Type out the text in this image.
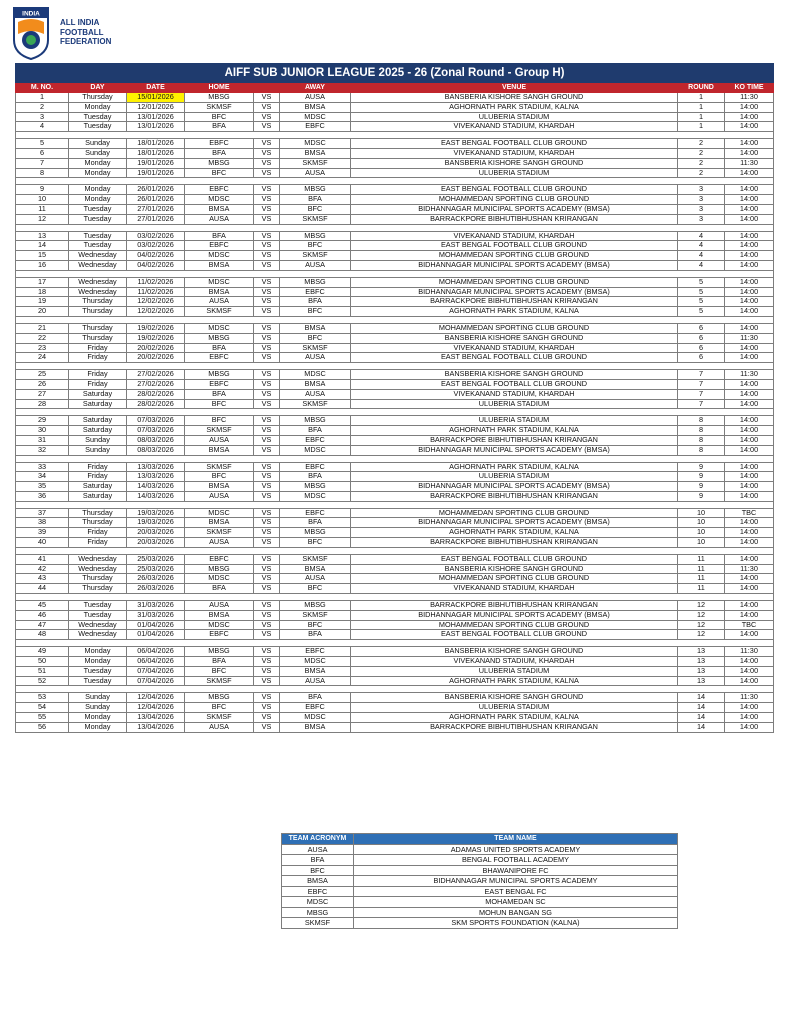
INDIA
ALL INDIA
FOOTBALL
FEDERATION
AIFF SUB JUNIOR LEAGUE 2025 - 26 (Zonal Round - Group H)								
M. NO.	DAY	DATE	HOME		AWAY	VENUE	ROUND	KO TIME
1	Thursday	15/01/2026	MBSG	VS	AUSA	BANSBERIA KISHORE SANGH GROUND	1	11:30
2	Monday	12/01/2026	SKMSF	VS	BMSA	AGHORNATH PARK STADIUM, KALNA	1	14:00
3	Tuesday	13/01/2026	BFC	VS	MDSC	ULUBERIA STADIUM	1	14:00
4	Tuesday	13/01/2026	BFA	VS	EBFC	VIVEKANAND STADIUM, KHARDAH	1	14:00

5	Sunday	18/01/2026	EBFC	VS	MDSC	EAST BENGAL FOOTBALL CLUB GROUND	2	14:00
6	Sunday	18/01/2026	BFA	VS	BMSA	VIVEKANAND STADIUM, KHARDAH	2	14:00
7	Monday	19/01/2026	MBSG	VS	SKMSF	BANSBERIA KISHORE SANGH GROUND	2	11:30
8	Monday	19/01/2026	BFC	VS	AUSA	ULUBERIA STADIUM	2	14:00

9	Monday	26/01/2026	EBFC	VS	MBSG	EAST BENGAL FOOTBALL CLUB GROUND	3	14:00
10	Monday	26/01/2026	MDSC	VS	BFA	MOHAMMEDAN SPORTING CLUB GROUND	3	14:00
11	Tuesday	27/01/2026	BMSA	VS	BFC	BIDHANNAGAR MUNICIPAL SPORTS ACADEMY (BMSA)	3	14:00
12	Tuesday	27/01/2026	AUSA	VS	SKMSF	BARRACKPORE BIBHUTIBHUSHAN KRIRANGAN	3	14:00

13	Tuesday	03/02/2026	BFA	VS	MBSG	VIVEKANAND STADIUM, KHARDAH	4	14:00
14	Tuesday	03/02/2026	EBFC	VS	BFC	EAST BENGAL FOOTBALL CLUB GROUND	4	14:00
15	Wednesday	04/02/2026	MDSC	VS	SKMSF	MOHAMMEDAN SPORTING CLUB GROUND	4	14:00
16	Wednesday	04/02/2026	BMSA	VS	AUSA	BIDHANNAGAR MUNICIPAL SPORTS ACADEMY (BMSA)	4	14:00

17	Wednesday	11/02/2026	MDSC	VS	MBSG	MOHAMMEDAN SPORTING CLUB GROUND	5	14:00
18	Wednesday	11/02/2026	BMSA	VS	EBFC	BIDHANNAGAR MUNICIPAL SPORTS ACADEMY (BMSA)	5	14:00
19	Thursday	12/02/2026	AUSA	VS	BFA	BARRACKPORE BIBHUTIBHUSHAN KRIRANGAN	5	14:00
20	Thursday	12/02/2026	SKMSF	VS	BFC	AGHORNATH PARK STADIUM, KALNA	5	14:00

21	Thursday	19/02/2026	MDSC	VS	BMSA	MOHAMMEDAN SPORTING CLUB GROUND	6	14:00
22	Thursday	19/02/2026	MBSG	VS	BFC	BANSBERIA KISHORE SANGH GROUND	6	11:30
23	Friday	20/02/2026	BFA	VS	SKMSF	VIVEKANAND STADIUM, KHARDAH	6	14:00
24	Friday	20/02/2026	EBFC	VS	AUSA	EAST BENGAL FOOTBALL CLUB GROUND	6	14:00

25	Friday	27/02/2026	MBSG	VS	MDSC	BANSBERIA KISHORE SANGH GROUND	7	11:30
26	Friday	27/02/2026	EBFC	VS	BMSA	EAST BENGAL FOOTBALL CLUB GROUND	7	14:00
27	Saturday	28/02/2026	BFA	VS	AUSA	VIVEKANAND STADIUM, KHARDAH	7	14:00
28	Saturday	28/02/2026	BFC	VS	SKMSF	ULUBERIA STADIUM	7	14:00

29	Saturday	07/03/2026	BFC	VS	MBSG	ULUBERIA STADIUM	8	14:00
30	Saturday	07/03/2026	SKMSF	VS	BFA	AGHORNATH PARK STADIUM, KALNA	8	14:00
31	Sunday	08/03/2026	AUSA	VS	EBFC	BARRACKPORE BIBHUTIBHUSHAN KRIRANGAN	8	14:00
32	Sunday	08/03/2026	BMSA	VS	MDSC	BIDHANNAGAR MUNICIPAL SPORTS ACADEMY (BMSA)	8	14:00

33	Friday	13/03/2026	SKMSF	VS	EBFC	AGHORNATH PARK STADIUM, KALNA	9	14:00
34	Friday	13/03/2026	BFC	VS	BFA	ULUBERIA STADIUM	9	14:00
35	Saturday	14/03/2026	BMSA	VS	MBSG	BIDHANNAGAR MUNICIPAL SPORTS ACADEMY (BMSA)	9	14:00
36	Saturday	14/03/2026	AUSA	VS	MDSC	BARRACKPORE BIBHUTIBHUSHAN KRIRANGAN	9	14:00

37	Thursday	19/03/2026	MDSC	VS	EBFC	MOHAMMEDAN SPORTING CLUB GROUND	10	TBC
38	Thursday	19/03/2026	BMSA	VS	BFA	BIDHANNAGAR MUNICIPAL SPORTS ACADEMY (BMSA)	10	14:00
39	Friday	20/03/2026	SKMSF	VS	MBSG	AGHORNATH PARK STADIUM, KALNA	10	14:00
40	Friday	20/03/2026	AUSA	VS	BFC	BARRACKPORE BIBHUTIBHUSHAN KRIRANGAN	10	14:00

41	Wednesday	25/03/2026	EBFC	VS	SKMSF	EAST BENGAL FOOTBALL CLUB GROUND	11	14:00
42	Wednesday	25/03/2026	MBSG	VS	BMSA	BANSBERIA KISHORE SANGH GROUND	11	11:30
43	Thursday	26/03/2026	MDSC	VS	AUSA	MOHAMMEDAN SPORTING CLUB GROUND	11	14:00
44	Thursday	26/03/2026	BFA	VS	BFC	VIVEKANAND STADIUM, KHARDAH	11	14:00

45	Tuesday	31/03/2026	AUSA	VS	MBSG	BARRACKPORE BIBHUTIBHUSHAN KRIRANGAN	12	14:00
46	Tuesday	31/03/2026	BMSA	VS	SKMSF	BIDHANNAGAR MUNICIPAL SPORTS ACADEMY (BMSA)	12	14:00
47	Wednesday	01/04/2026	MDSC	VS	BFC	MOHAMMEDAN SPORTING CLUB GROUND	12	TBC
48	Wednesday	01/04/2026	EBFC	VS	BFA	EAST BENGAL FOOTBALL CLUB GROUND	12	14:00

49	Monday	06/04/2026	MBSG	VS	EBFC	BANSBERIA KISHORE SANGH GROUND	13	11:30
50	Monday	06/04/2026	BFA	VS	MDSC	VIVEKANAND STADIUM, KHARDAH	13	14:00
51	Tuesday	07/04/2026	BFC	VS	BMSA	ULUBERIA STADIUM	13	14:00
52	Tuesday	07/04/2026	SKMSF	VS	AUSA	AGHORNATH PARK STADIUM, KALNA	13	14:00

53	Sunday	12/04/2026	MBSG	VS	BFA	BANSBERIA KISHORE SANGH GROUND	14	11:30
54	Sunday	12/04/2026	BFC	VS	EBFC	ULUBERIA STADIUM	14	14:00
55	Monday	13/04/2026	SKMSF	VS	MDSC	AGHORNATH PARK STADIUM, KALNA	14	14:00
56	Monday	13/04/2026	AUSA	VS	BMSA	BARRACKPORE BIBHUTIBHUSHAN KRIRANGAN	14	14:00
TEAM ACRONYM	TEAM NAME
AUSA	ADAMAS UNITED SPORTS ACADEMY
BFA	BENGAL FOOTBALL ACADEMY
BFC	BHAWANIPORE FC
BMSA	BIDHANNAGAR MUNICIPAL SPORTS ACADEMY
EBFC	EAST BENGAL FC
MDSC	MOHAMEDAN SC
MBSG	MOHUN BANGAN SG
SKMSF	SKM SPORTS FOUNDATION (KALNA)
